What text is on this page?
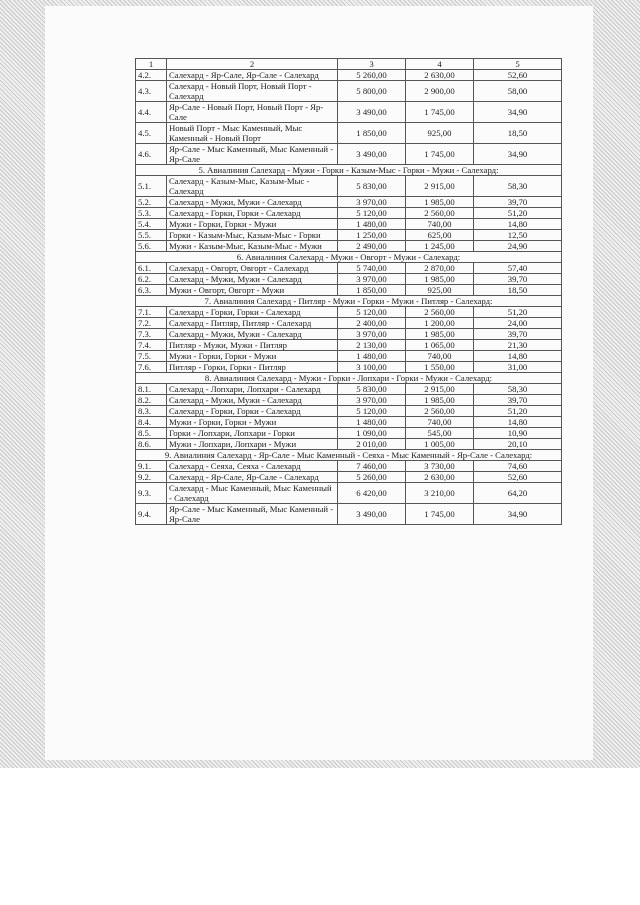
1	2	3	4	5
4.2.	Салехард - Яр-Сале, Яр-Сале - Салехард	5 260,00	2 630,00	52,60
4.3.	Салехард - Новый Порт, Новый Порт - Салехард	5 800,00	2 900,00	58,00
4.4.	Яр-Сале - Новый Порт, Новый Порт - Яр-Сале	3 490,00	1 745,00	34,90
4.5.	Новый Порт - Мыс Каменный, Мыс Каменный - Новый Порт	1 850,00	925,00	18,50
4.6.	Яр-Сале - Мыс Каменный, Мыс Каменный - Яр-Сале	3 490,00	1 745,00	34,90
5. Авиалиния Салехард - Мужи - Горки - Казым-Мыс - Горки - Мужи - Салехард:				
5.1.	Салехард - Казым-Мыс, Казым-Мыс - Салехард	5 830,00	2 915,00	58,30
5.2.	Салехард - Мужи, Мужи - Салехард	3 970,00	1 985,00	39,70
5.3.	Салехард - Горки, Горки - Салехард	5 120,00	2 560,00	51,20
5.4.	Мужи - Горки, Горки - Мужи	1 480,00	740,00	14,80
5.5.	Горки - Казым-Мыс, Казым-Мыс - Горки	1 250,00	625,00	12,50
5.6.	Мужи - Казым-Мыс, Казым-Мыс - Мужи	2 490,00	1 245,00	24,90
6. Авиалиния Салехард - Мужи - Овгорт - Мужи - Салехард:				
6.1.	Салехард - Овгорт, Овгорт - Салехард	5 740,00	2 870,00	57,40
6.2.	Салехард - Мужи, Мужи - Салехард	3 970,00	1 985,00	39,70
6.3.	Мужи - Овгорт, Овгорт - Мужи	1 850,00	925,00	18,50
7. Авиалиния Салехард - Питляр - Мужи - Горки - Мужи - Питляр - Салехард:				
7.1.	Салехард - Горки, Горки - Салехард	5 120,00	2 560,00	51,20
7.2.	Салехард - Питляр, Питляр - Салехард	2 400,00	1 200,00	24,00
7.3.	Салехард - Мужи, Мужи - Салехард	3 970,00	1 985,00	39,70
7.4.	Питляр - Мужи, Мужи - Питляр	2 130,00	1 065,00	21,30
7.5.	Мужи - Горки, Горки - Мужи	1 480,00	740,00	14,80
7.6.	Питляр - Горки, Горки - Питляр	3 100,00	1 550,00	31,00
8. Авиалиния Салехард - Мужи - Горки - Лопхари - Горки - Мужи - Салехард:				
8.1.	Салехард - Лопхари, Лопхари - Салехард	5 830,00	2 915,00	58,30
8.2.	Салехард - Мужи, Мужи - Салехард	3 970,00	1 985,00	39,70
8.3.	Салехард - Горки, Горки - Салехард	5 120,00	2 560,00	51,20
8.4.	Мужи - Горки, Горки - Мужи	1 480,00	740,00	14,80
8.5.	Горки - Лопхари, Лопхари - Горки	1 090,00	545,00	10,90
8.6.	Мужи - Лопхари, Лопхари - Мужи	2 010,00	1 005,00	20,10
9. Авиалиния Салехард - Яр-Сале - Мыс Каменный - Сеяха - Мыс Каменный - Яр-Сале - Салехард:				
9.1.	Салехард - Сеяха, Сеяха - Салехард	7 460,00	3 730,00	74,60
9.2.	Салехард - Яр-Сале, Яр-Сале - Салехард	5 260,00	2 630,00	52,60
9.3.	Салехард - Мыс Каменный, Мыс Каменный - Салехард	6 420,00	3 210,00	64,20
9.4.	Яр-Сале - Мыс Каменный, Мыс Каменный - Яр-Сале	3 490,00	1 745,00	34,90
